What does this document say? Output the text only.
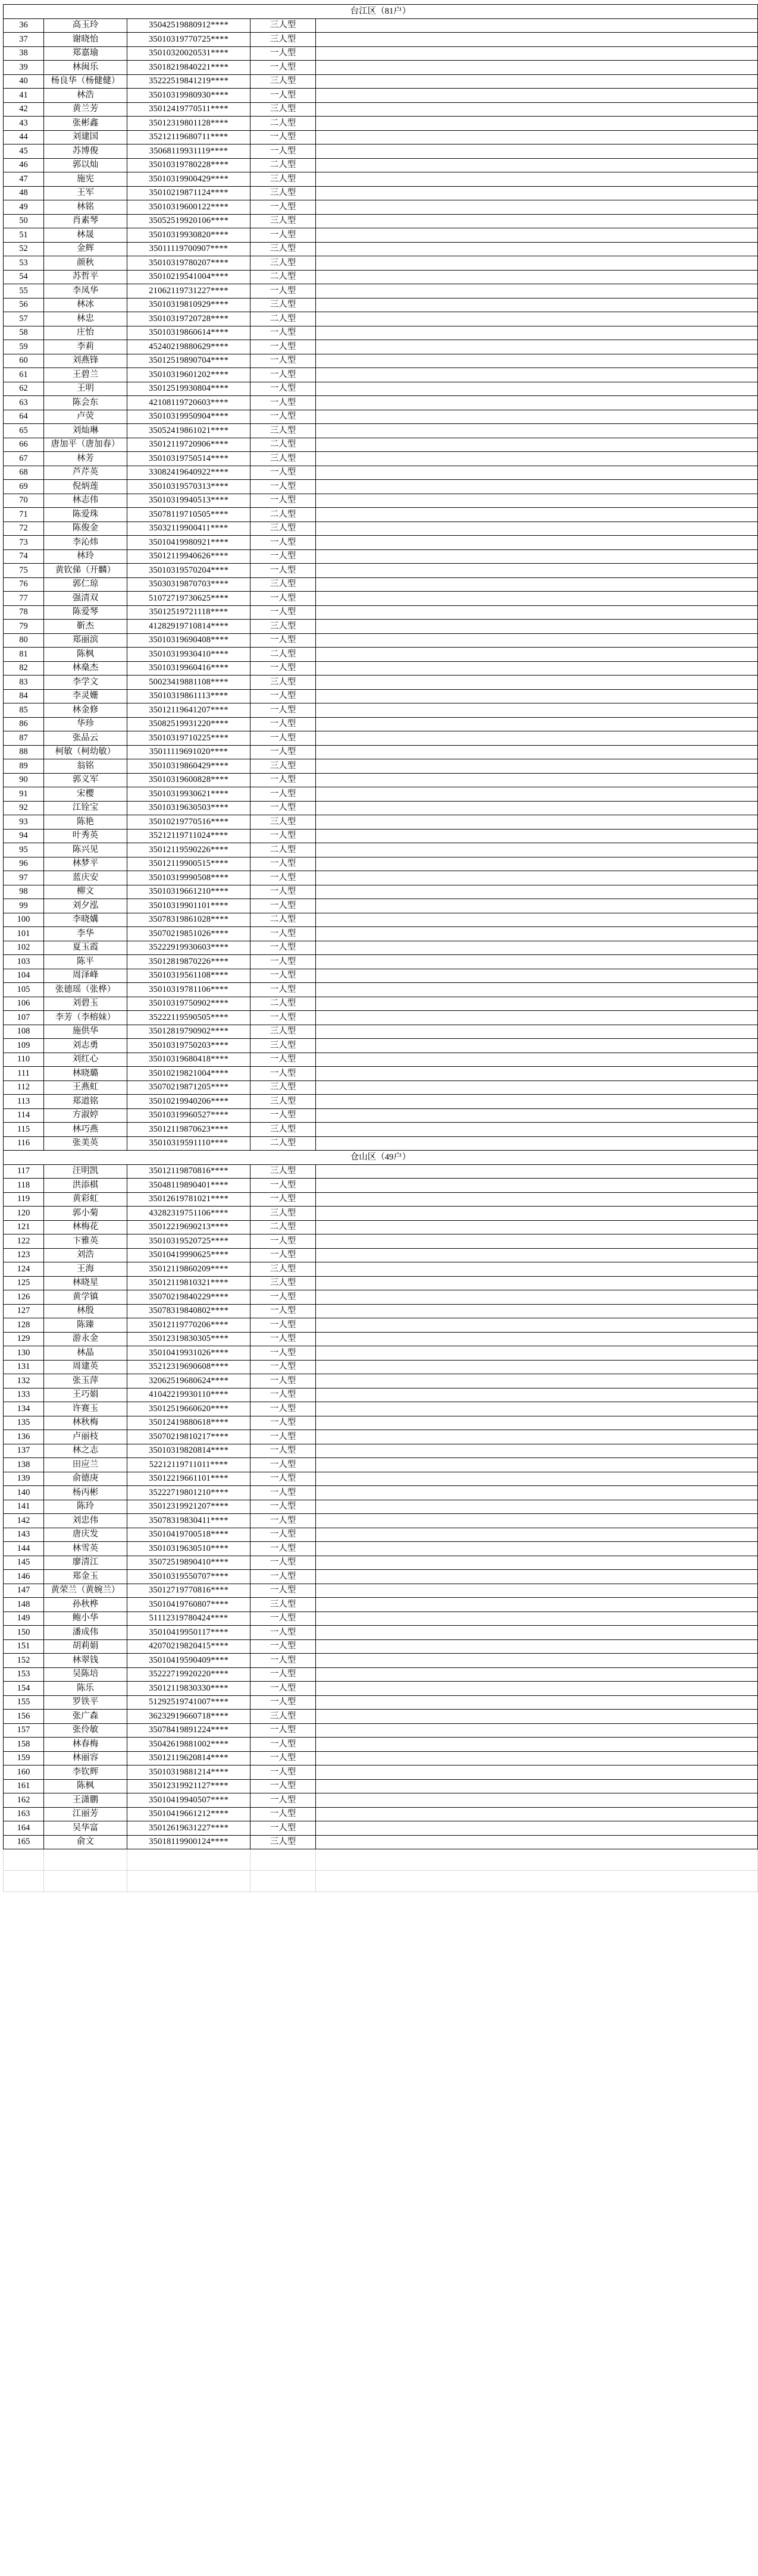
台江区（81户）				
36	高玉玲	35042519880912****	三人型	
37	谢晓怡	35010319770725****	三人型	
38	郑嘉瑜	35010320020531****	一人型	
39	林闽乐	35018219840221****	一人型	
40	杨良华（杨健健）	35222519841219****	三人型	
41	林浩	35010319980930****	一人型	
42	黄兰芳	35012419770511****	三人型	
43	张彬鑫	35012319801128****	二人型	
44	刘建国	35212119680711****	一人型	
45	苏博俊	35068119931119****	一人型	
46	郭以灿	35010319780228****	二人型	
47	施宪	35010319900429****	三人型	
48	王军	35010219871124****	三人型	
49	林铭	35010319600122****	一人型	
50	肖素琴	35052519920106****	三人型	
51	林晟	35010319930820****	一人型	
52	金辉	35011119700907****	三人型	
53	颜秋	35010319780207****	三人型	
54	苏哲平	35010219541004****	二人型	
55	李凤华	21062119731227****	一人型	
56	林冰	35010319810929****	三人型	
57	林忠	35010319720728****	二人型	
58	庄怡	35010319860614****	一人型	
59	李莉	45240219880629****	一人型	
60	刘燕锋	35012519890704****	一人型	
61	王碧兰	35010319601202****	一人型	
62	王明	35012519930804****	一人型	
63	陈会东	42108119720603****	一人型	
64	卢荧	35010319950904****	一人型	
65	刘灿琳	35052419861021****	三人型	
66	唐加平（唐加春）	35012119720906****	二人型	
67	林芳	35010319750514****	三人型	
68	芦芹英	33082419640922****	一人型	
69	倪炳莲	35010319570313****	一人型	
70	林志伟	35010319940513****	一人型	
71	陈爱珠	35078119710505****	二人型	
72	陈俊金	35032119900411****	三人型	
73	李沁炜	35010419980921****	一人型	
74	林玲	35012119940626****	一人型	
75	黄钦俤（开麟）	35010319570204****	一人型	
76	郭仁琼	35030319870703****	三人型	
77	强清双	51072719730625****	一人型	
78	陈爱琴	35012519721118****	一人型	
79	靳杰	41282919710814****	三人型	
80	郑丽滨	35010319690408****	一人型	
81	陈枫	35010319930410****	二人型	
82	林燊杰	35010319960416****	一人型	
83	李学文	50023419881108****	三人型	
84	李灵姗	35010319861113****	一人型	
85	林金修	35012119641207****	一人型	
86	华珍	35082519931220****	一人型	
87	张品云	35010319710225****	一人型	
88	柯敏（柯幼敏）	35011119691020****	一人型	
89	翁铭	35010319860429****	三人型	
90	郭义军	35010319600828****	一人型	
91	宋樱	35010319930621****	一人型	
92	江铨宝	35010319630503****	一人型	
93	陈艳	35010219770516****	三人型	
94	叶秀英	35212119711024****	一人型	
95	陈兴见	35012119590226****	二人型	
96	林梦平	35012119900515****	一人型	
97	蓝庆安	35010319990508****	一人型	
98	柳文	35010319661210****	一人型	
99	刘夕泓	35010319901101****	一人型	
100	李晓媾	35078319861028****	二人型	
101	李华	35070219851026****	一人型	
102	夏玉霞	35222919930603****	一人型	
103	陈平	35012819870226****	一人型	
104	周泽峰	35010319561108****	一人型	
105	张德瑶（张桦）	35010319781106****	一人型	
106	刘碧玉	35010319750902****	二人型	
107	李芳（李榕妹）	35222119590505****	一人型	
108	施供华	35012819790902****	三人型	
109	刘志勇	35010319750203****	三人型	
110	刘红心	35010319680418****	一人型	
111	林晓璐	35010219821004****	一人型	
112	王燕虹	35070219871205****	三人型	
113	郑道铭	35010219940206****	三人型	
114	方淑婷	35010319960527****	一人型	
115	林巧燕	35012119870623****	三人型	
116	张美英	35010319591110****	二人型	
仓山区（49户）				
117	汪明凯	35012119870816****	三人型	
118	洪添棋	35048119890401****	一人型	
119	黄彩虹	35012619781021****	一人型	
120	郭小菊	43282319751106****	三人型	
121	林梅花	35012219690213****	二人型	
122	卞雅英	35010319520725****	一人型	
123	刘浩	35010419990625****	一人型	
124	王海	35012119860209****	三人型	
125	林晓星	35012119810321****	三人型	
126	黄学镇	35070219840229****	一人型	
127	林殷	35078319840802****	一人型	
128	陈臻	35012119770206****	一人型	
129	游永金	35012319830305****	一人型	
130	林晶	35010419931026****	一人型	
131	周建英	35212319690608****	一人型	
132	张玉萍	32062519680624****	一人型	
133	王巧娟	41042219930110****	一人型	
134	许赛玉	35012519660620****	一人型	
135	林秋梅	35012419880618****	一人型	
136	卢丽枝	35070219810217****	一人型	
137	林之志	35010319820814****	一人型	
138	田应兰	52212119711011****	一人型	
139	俞德庚	35012219661101****	一人型	
140	杨丙彬	35222719801210****	一人型	
141	陈玲	35012319921207****	一人型	
142	刘忠伟	35078319830411****	一人型	
143	唐庆发	35010419700518****	一人型	
144	林雪英	35010319630510****	一人型	
145	廖清江	35072519890410****	一人型	
146	郑金玉	35010319550707****	一人型	
147	黄荣兰（黄婉兰）	35012719770816****	一人型	
148	孙秋桦	35010419760807****	三人型	
149	鲍小华	51112319780424****	一人型	
150	潘成伟	35010419950117****	一人型	
151	胡莉娟	42070219820415****	一人型	
152	林翠钱	35010419590409****	一人型	
153	吴陈培	35222719920220****	一人型	
154	陈乐	35012119830330****	一人型	
155	罗铁平	51292519741007****	一人型	
156	张广森	36232919660718****	三人型	
157	张伶敏	35078419891224****	一人型	
158	林春梅	35042619881002****	一人型	
159	林丽容	35012119620814****	一人型	
160	李钦辉	35010319881214****	一人型	
161	陈枫	35012319921127****	一人型	
162	王潇鹏	35010419940507****	一人型	
163	江丽芳	35010419661212****	一人型	
164	吴华富	35012619631227****	一人型	
165	俞文	35018119900124****	三人型	
